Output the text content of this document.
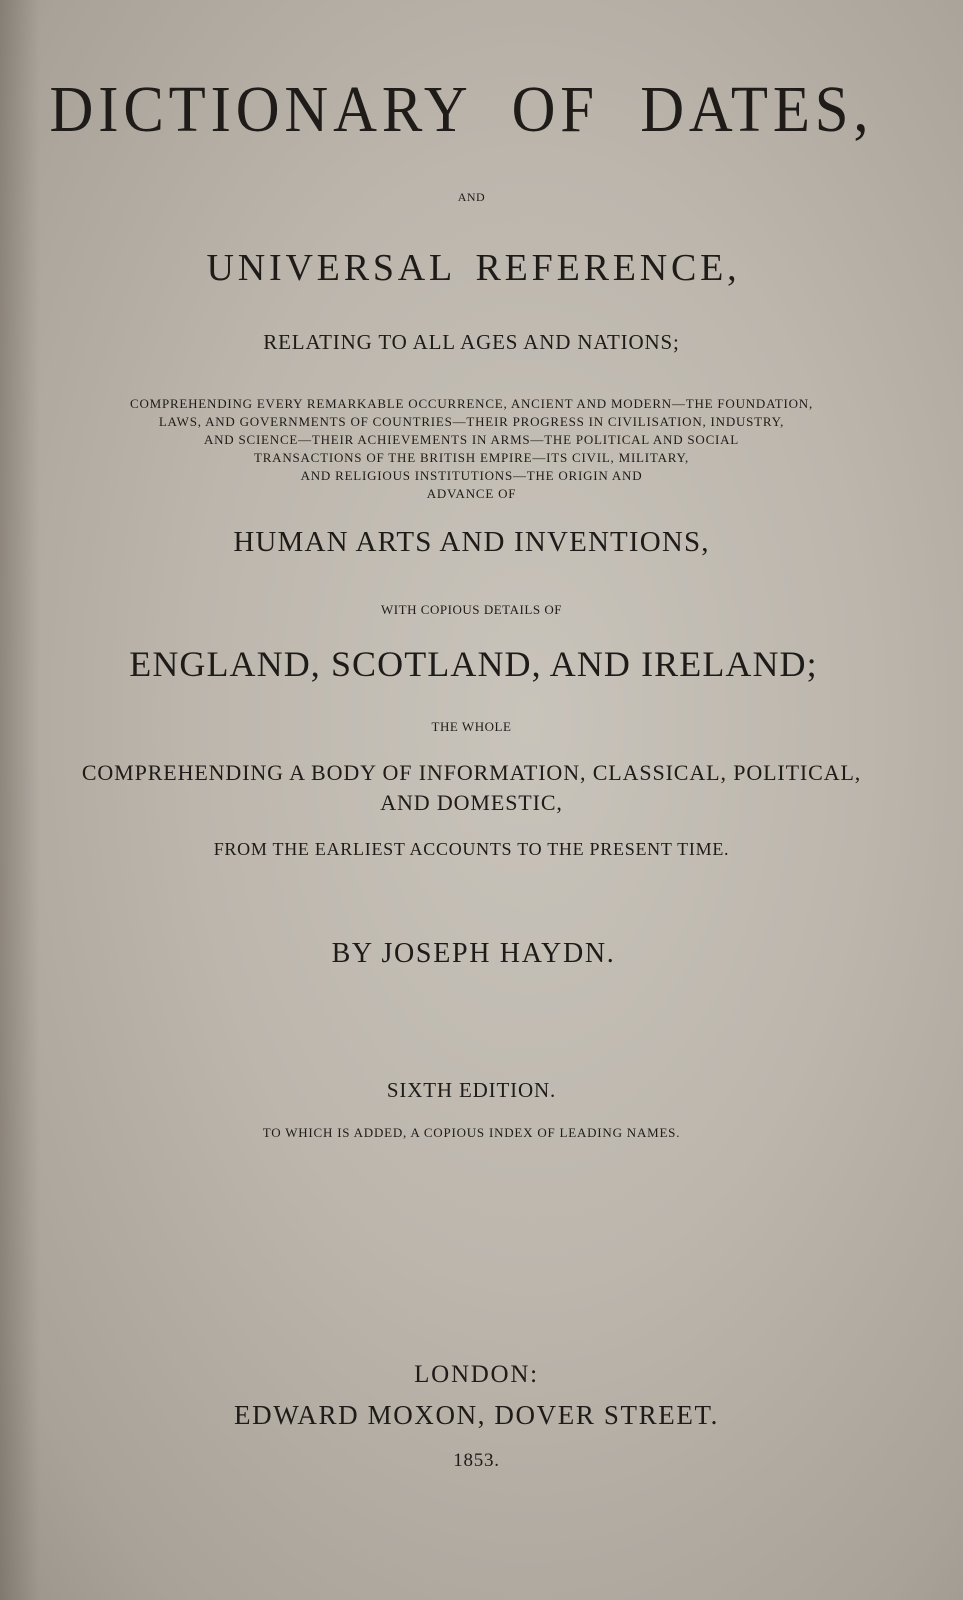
DICTIONARY OF DATES,
AND
UNIVERSAL REFERENCE,
RELATING TO ALL AGES AND NATIONS;
COMPREHENDING EVERY REMARKABLE OCCURRENCE, ANCIENT AND MODERN—THE FOUNDATION,
LAWS, AND GOVERNMENTS OF COUNTRIES—THEIR PROGRESS IN CIVILISATION, INDUSTRY,
AND SCIENCE—THEIR ACHIEVEMENTS IN ARMS—THE POLITICAL AND SOCIAL
TRANSACTIONS OF THE BRITISH EMPIRE—ITS CIVIL, MILITARY,
AND RELIGIOUS INSTITUTIONS—THE ORIGIN AND
ADVANCE OF
HUMAN ARTS AND INVENTIONS,
WITH COPIOUS DETAILS OF
ENGLAND, SCOTLAND, AND IRELAND;
THE WHOLE
COMPREHENDING A BODY OF INFORMATION, CLASSICAL, POLITICAL,
AND DOMESTIC,
FROM THE EARLIEST ACCOUNTS TO THE PRESENT TIME.
BY JOSEPH HAYDN.
SIXTH EDITION.
TO WHICH IS ADDED, A COPIOUS INDEX OF LEADING NAMES.
LONDON:
EDWARD MOXON, DOVER STREET.
1853.
